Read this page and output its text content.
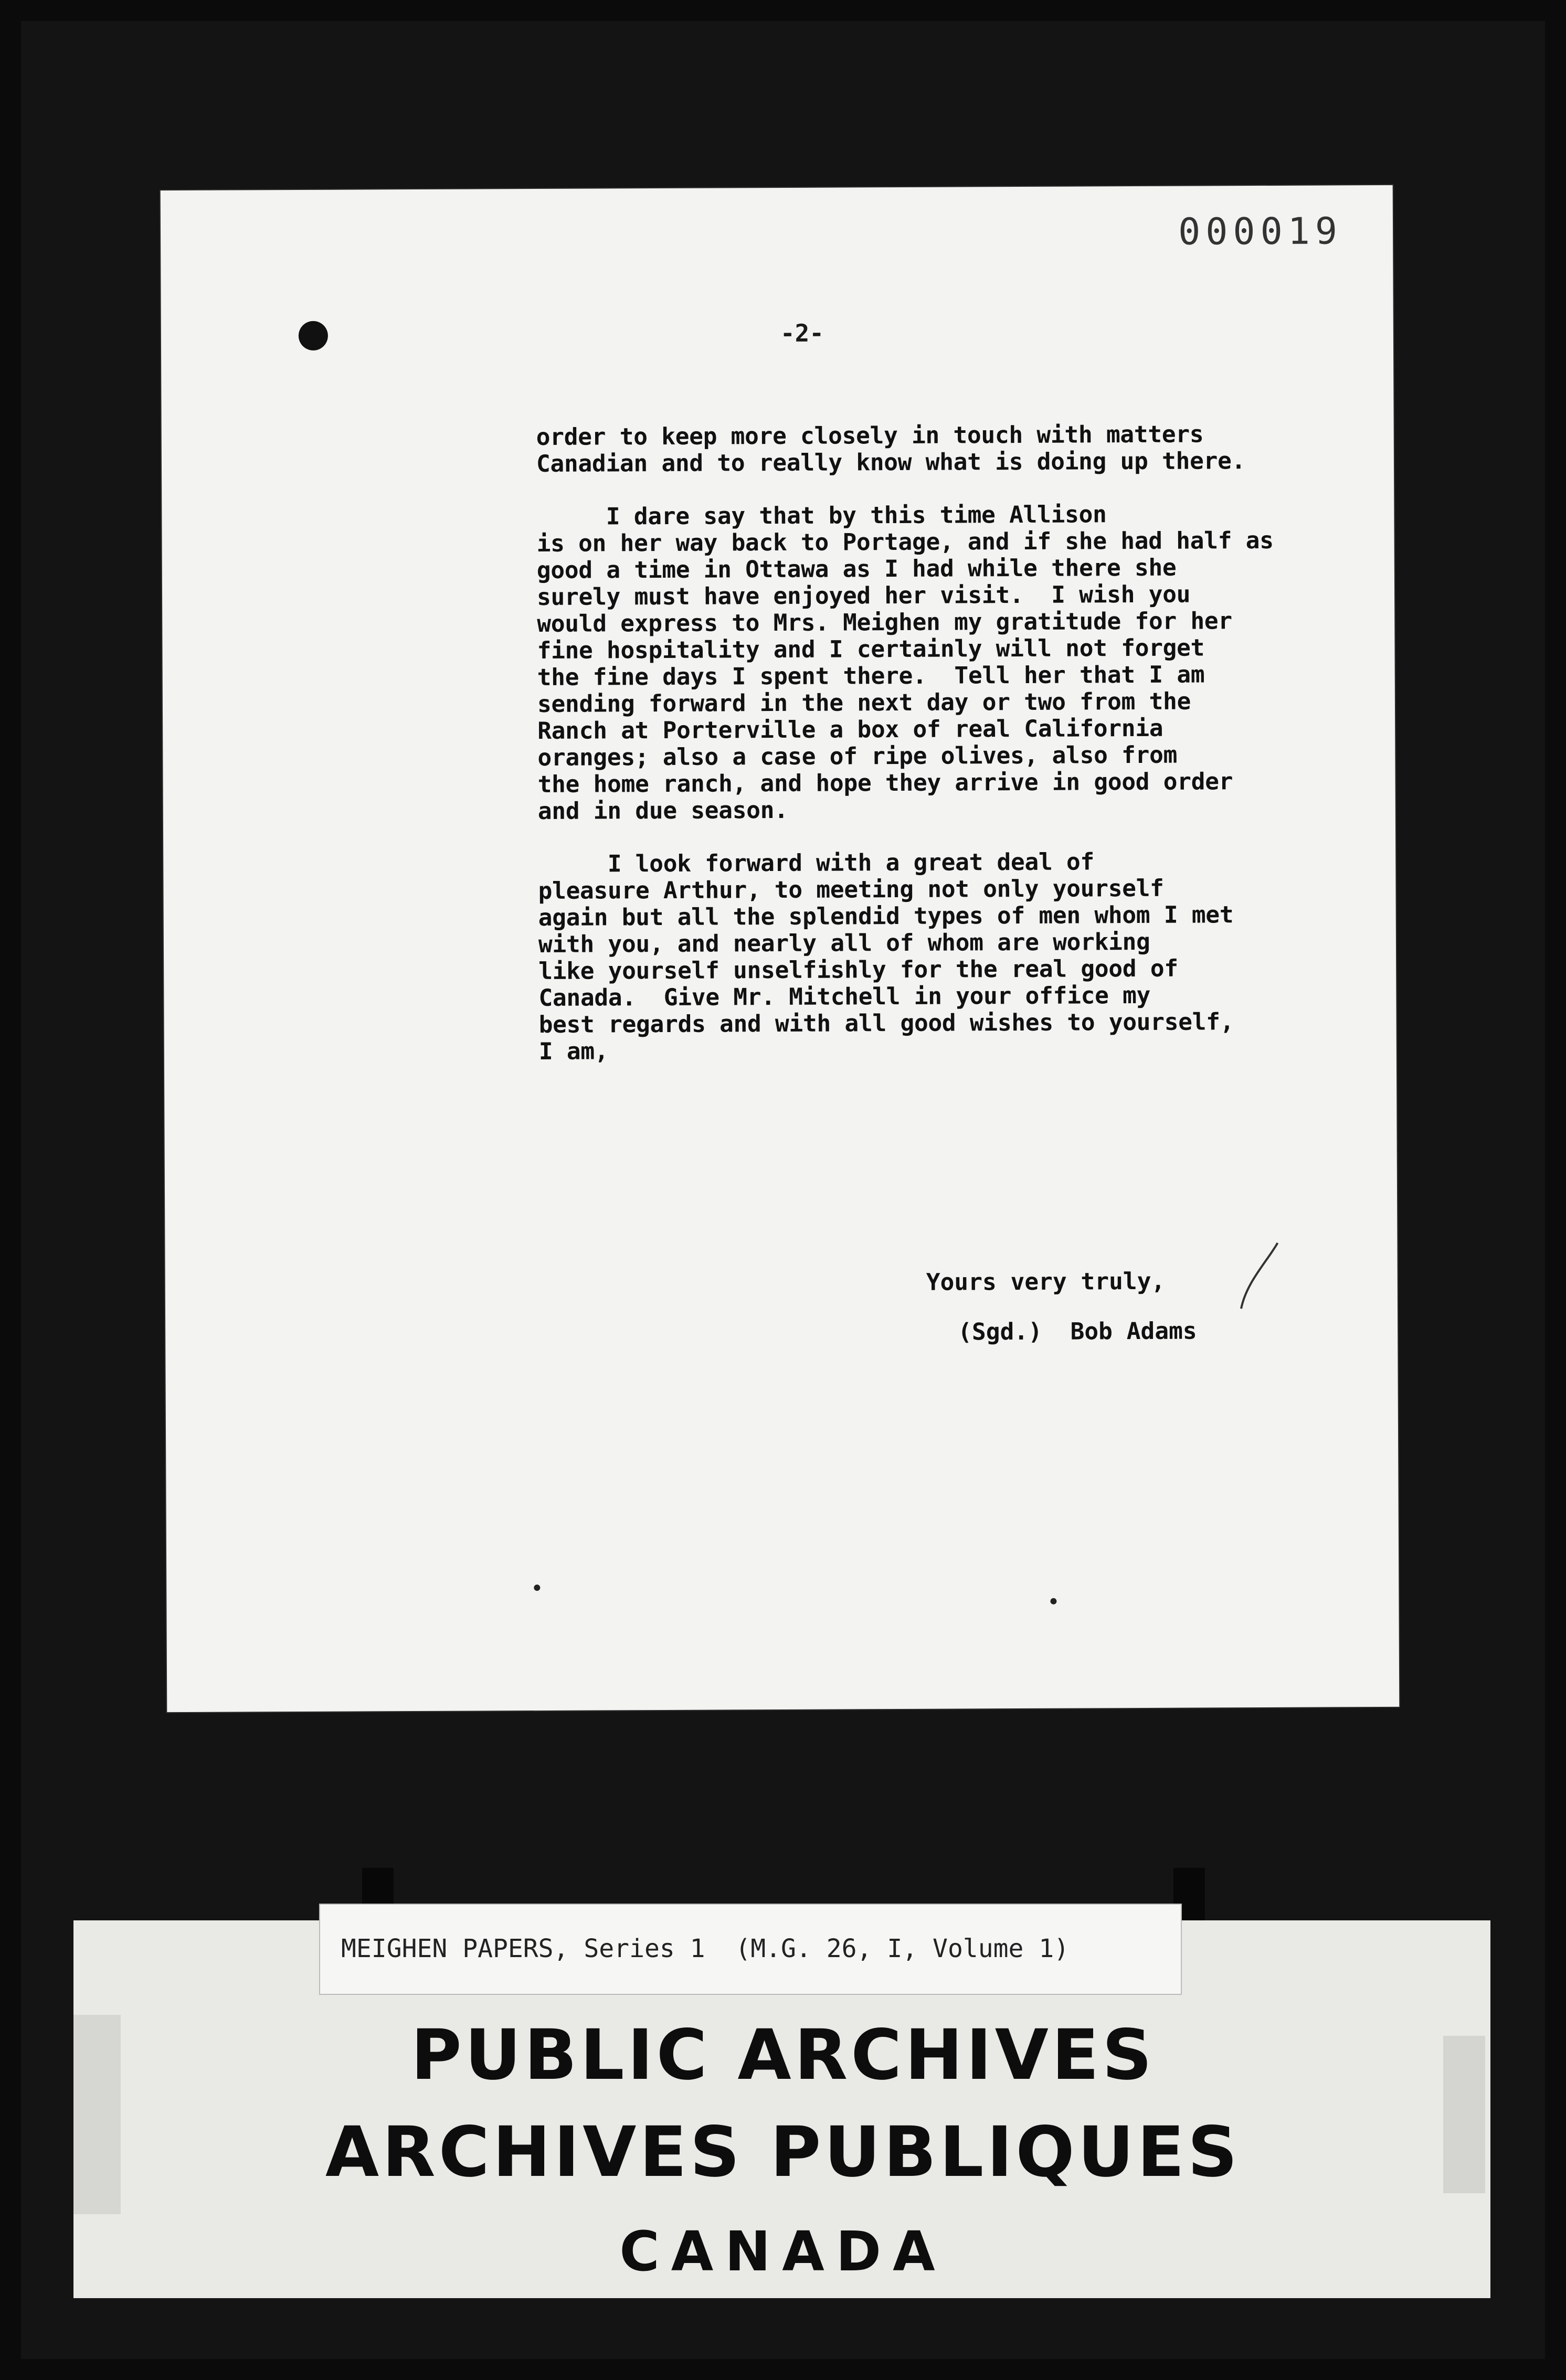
000019
-2-
order to keep more closely in touch with matters
Canadian and to really know what is doing up there.
I dare say that by this time Allison
is on her way back to Portage, and if she had half as
good a time in Ottawa as I had while there she
surely must have enjoyed her visit.  I wish you
would express to Mrs. Meighen my gratitude for her
fine hospitality and I certainly will not forget
the fine days I spent there.  Tell her that I am
sending forward in the next day or two from the
Ranch at Porterville a box of real California
oranges; also a case of ripe olives, also from
the home ranch, and hope they arrive in good order
and in due season.
I look forward with a great deal of
pleasure Arthur, to meeting not only yourself
again but all the splendid types of men whom I met
with you, and nearly all of whom are working
like yourself unselfishly for the real good of
Canada.  Give Mr. Mitchell in your office my
best regards and with all good wishes to yourself,
I am,
Yours very truly,
(Sgd.)  Bob Adams
MEIGHEN PAPERS, Series 1  (M.G. 26, I, Volume 1)
PUBLIC ARCHIVES
ARCHIVES PUBLIQUES
CANADA
